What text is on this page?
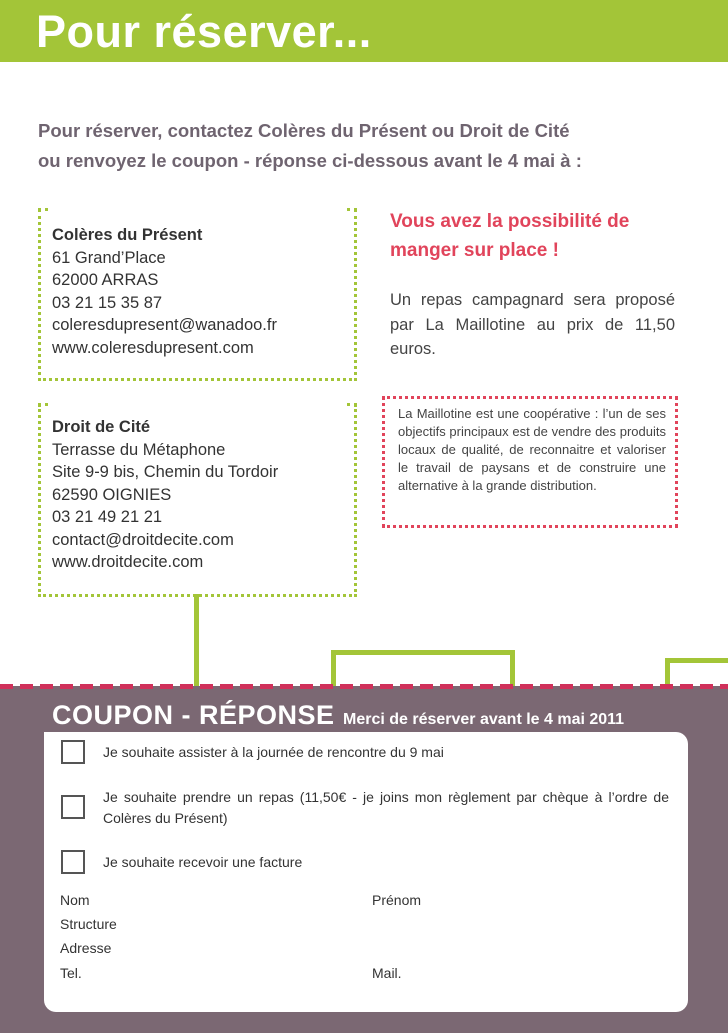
Pour réserver...
Pour réserver, contactez Colères du Présent ou Droit de Cité
ou renvoyez le coupon - réponse ci-dessous avant le 4 mai à :
Colères du Présent
61 Grand’Place
62000 ARRAS
03 21 15 35 87
coleresdupresent@wanadoo.fr
www.coleresdupresent.com
Droit de Cité
Terrasse du Métaphone
Site 9-9 bis, Chemin du Tordoir
62590 OIGNIES
03 21 49 21 21
contact@droitdecite.com
www.droitdecite.com
Vous avez la possibilité de
manger sur place !
Un repas campagnard sera proposé par La Maillotine au prix de 11,50 euros.
La Maillotine est une coopérative : l’un de ses objectifs principaux est de vendre des produits locaux de qualité, de reconnaitre et valoriser le travail de paysans et de construire une alternative à la grande distribution.
COUPON - RÉPONSE Merci de réserver avant le 4 mai 2011
Je souhaite assister à la journée de rencontre du 9 mai
Je souhaite prendre un repas (11,50€ - je joins mon règlement par chèque à l’ordre de Colères du Présent)
Je souhaite recevoir une facture
Nom	Prénom
Structure
Adresse
Tel.	Mail.
